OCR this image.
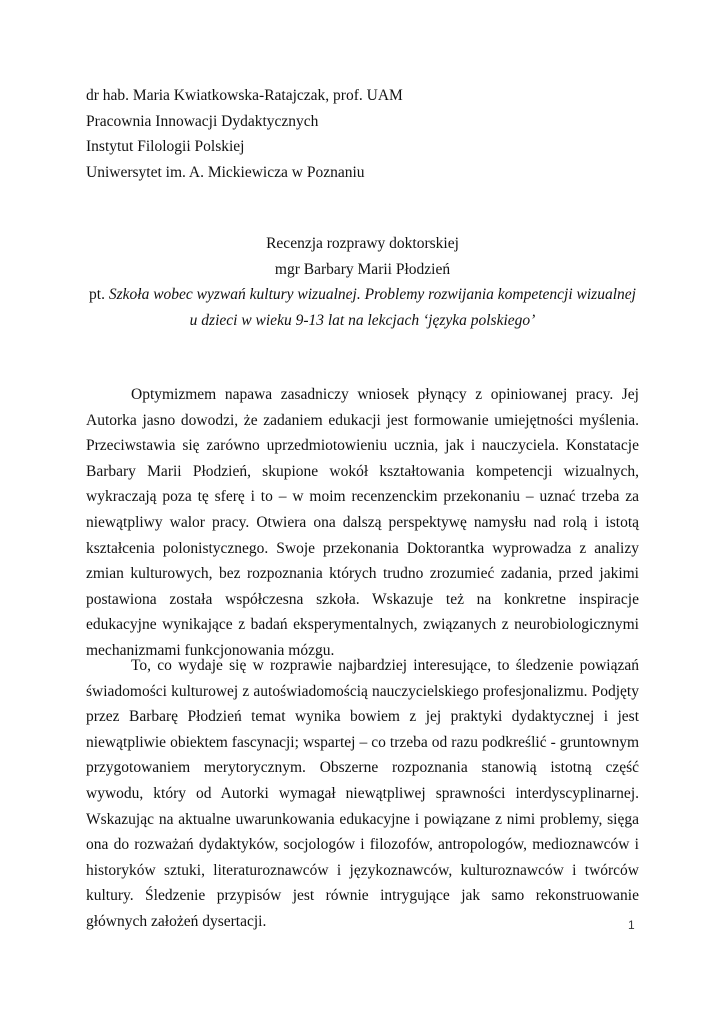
dr hab. Maria Kwiatkowska-Ratajczak, prof. UAM
Pracownia Innowacji Dydaktycznych
Instytut Filologii Polskiej
Uniwersytet im. A. Mickiewicza w Poznaniu
Recenzja rozprawy doktorskiej
mgr Barbary Marii Płodzień
pt. Szkoła wobec wyzwań kultury wizualnej. Problemy rozwijania kompetencji wizualnej
u dzieci w wieku 9-13 lat na lekcjach ‘języka polskiego’

Optymizmem napawa zasadniczy wniosek płynący z opiniowanej pracy. Jej Autorka jasno dowodzi, że zadaniem edukacji jest formowanie umiejętności myślenia. Przeciwstawia się zarówno uprzedmiotowieniu ucznia, jak i nauczyciela. Konstatacje Barbary Marii Płodzień, skupione wokół kształtowania kompetencji wizualnych, wykraczają poza tę sferę i to – w moim recenzenckim przekonaniu – uznać trzeba za niewątpliwy walor pracy. Otwiera ona dalszą perspektywę namysłu nad rolą i istotą kształcenia polonistycznego. Swoje przekonania Doktorantka wyprowadza z analizy zmian kulturowych, bez rozpoznania których trudno zrozumieć zadania, przed jakimi postawiona została współczesna szkoła. Wskazuje też na konkretne inspiracje edukacyjne wynikające z badań eksperymentalnych, związanych z neurobiologicznymi mechanizmami funkcjonowania mózgu.

To, co wydaje się w rozprawie najbardziej interesujące, to śledzenie powiązań świadomości kulturowej z autoświadomością nauczycielskiego profesjonalizmu. Podjęty przez Barbarę Płodzień temat wynika bowiem z jej praktyki dydaktycznej i jest niewątpliwie obiektem fascynacji; wspartej – co trzeba od razu podkreślić - gruntownym przygotowaniem merytorycznym. Obszerne rozpoznania stanowią istotną część wywodu, który od Autorki wymagał niewątpliwej sprawności interdyscyplinarnej. Wskazując na aktualne uwarunkowania edukacyjne i powiązane z nimi problemy, sięga ona do rozważań dydaktyków, socjologów i filozofów, antropologów, medioznawców i historyków sztuki, literaturoznawców i językoznawców, kulturoznawców i twórców kultury. Śledzenie przypisów jest równie intrygujące jak samo rekonstruowanie głównych założeń dysertacji.	1
